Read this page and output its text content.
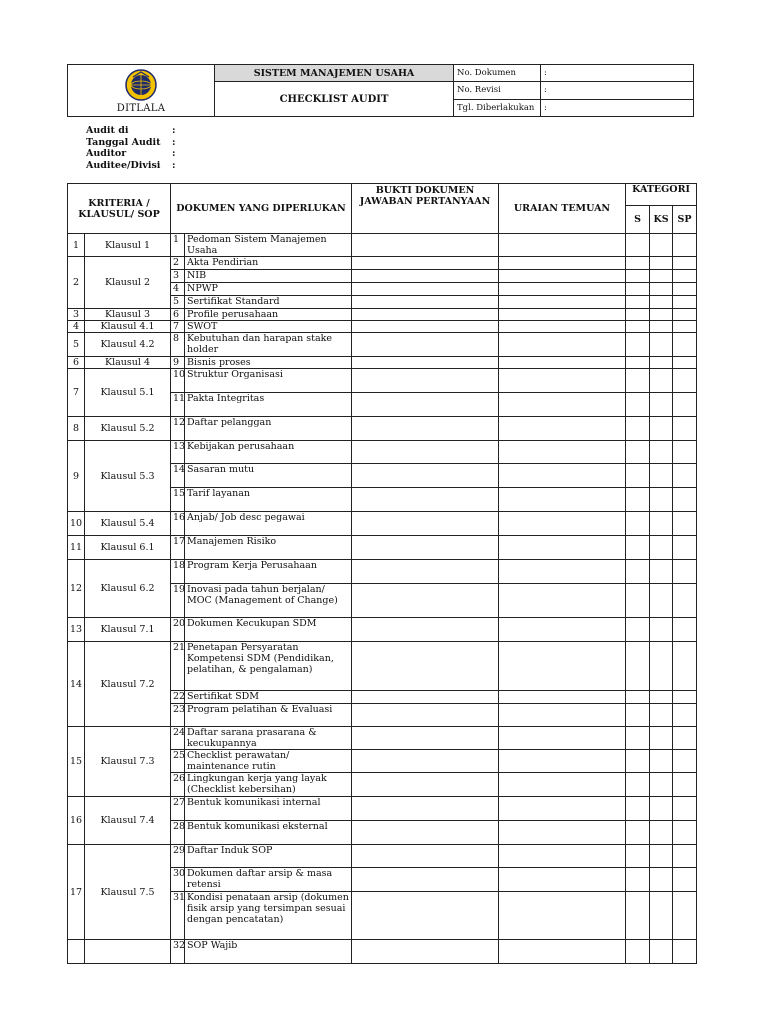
DITLALA
SISTEM MANAJEMEN USAHA
CHECKLIST AUDIT
No. Dokumen	:
No. Revisi	:
Tgl. Diberlakukan	:
Audit di	:
Tanggal Audit	:
Auditor	:
Auditee/Divisi	:
KRITERIA / KLAUSUL/ SOP		DOKUMEN YANG DIPERLUKAN		BUKTI DOKUMEN JAWABAN PERTANYAAN	URAIAN TEMUAN	KATEGORI		
						S	KS	SP
1	Klausul 1	1	Pedoman Sistem Manajemen Usaha					
2	Klausul 2	2	Akta Pendirian					
		3	NIB					
		4	NPWP					
		5	Sertifikat Standard					
3	Klausul 3	6	Profile perusahaan					
4	Klausul 4.1	7	SWOT					
5	Klausul 4.2	8	Kebutuhan dan harapan stake holder					
6	Klausul 4	9	Bisnis proses					
7	Klausul 5.1	10	Struktur Organisasi					
		11	Pakta Integritas					
8	Klausul 5.2	12	Daftar pelanggan					
9	Klausul 5.3	13	Kebijakan perusahaan					
		14	Sasaran mutu					
		15	Tarif layanan					
10	Klausul 5.4	16	Anjab/ Job desc pegawai					
11	Klausul 6.1	17	Manajemen Risiko					
12	Klausul 6.2	18	Program Kerja Perusahaan					
		19	Inovasi pada tahun berjalan/ MOC (Management of Change)					
13	Klausul 7.1	20	Dokumen Kecukupan SDM					
14	Klausul 7.2	21	Penetapan Persyaratan Kompetensi SDM (Pendidikan, pelatihan, & pengalaman)					
		22	Sertifikat SDM					
		23	Program pelatihan & Evaluasi					
15	Klausul 7.3	24	Daftar sarana prasarana & kecukupannya					
		25	Checklist perawatan/ maintenance rutin					
		26	Lingkungan kerja yang layak (Checklist kebersihan)					
16	Klausul 7.4	27	Bentuk komunikasi internal					
		28	Bentuk komunikasi eksternal					
17	Klausul 7.5	29	Daftar Induk SOP					
		30	Dokumen daftar arsip & masa retensi					
		31	Kondisi penataan arsip (dokumen fisik arsip yang tersimpan sesuai dengan pencatatan)					
		32	SOP Wajib					
